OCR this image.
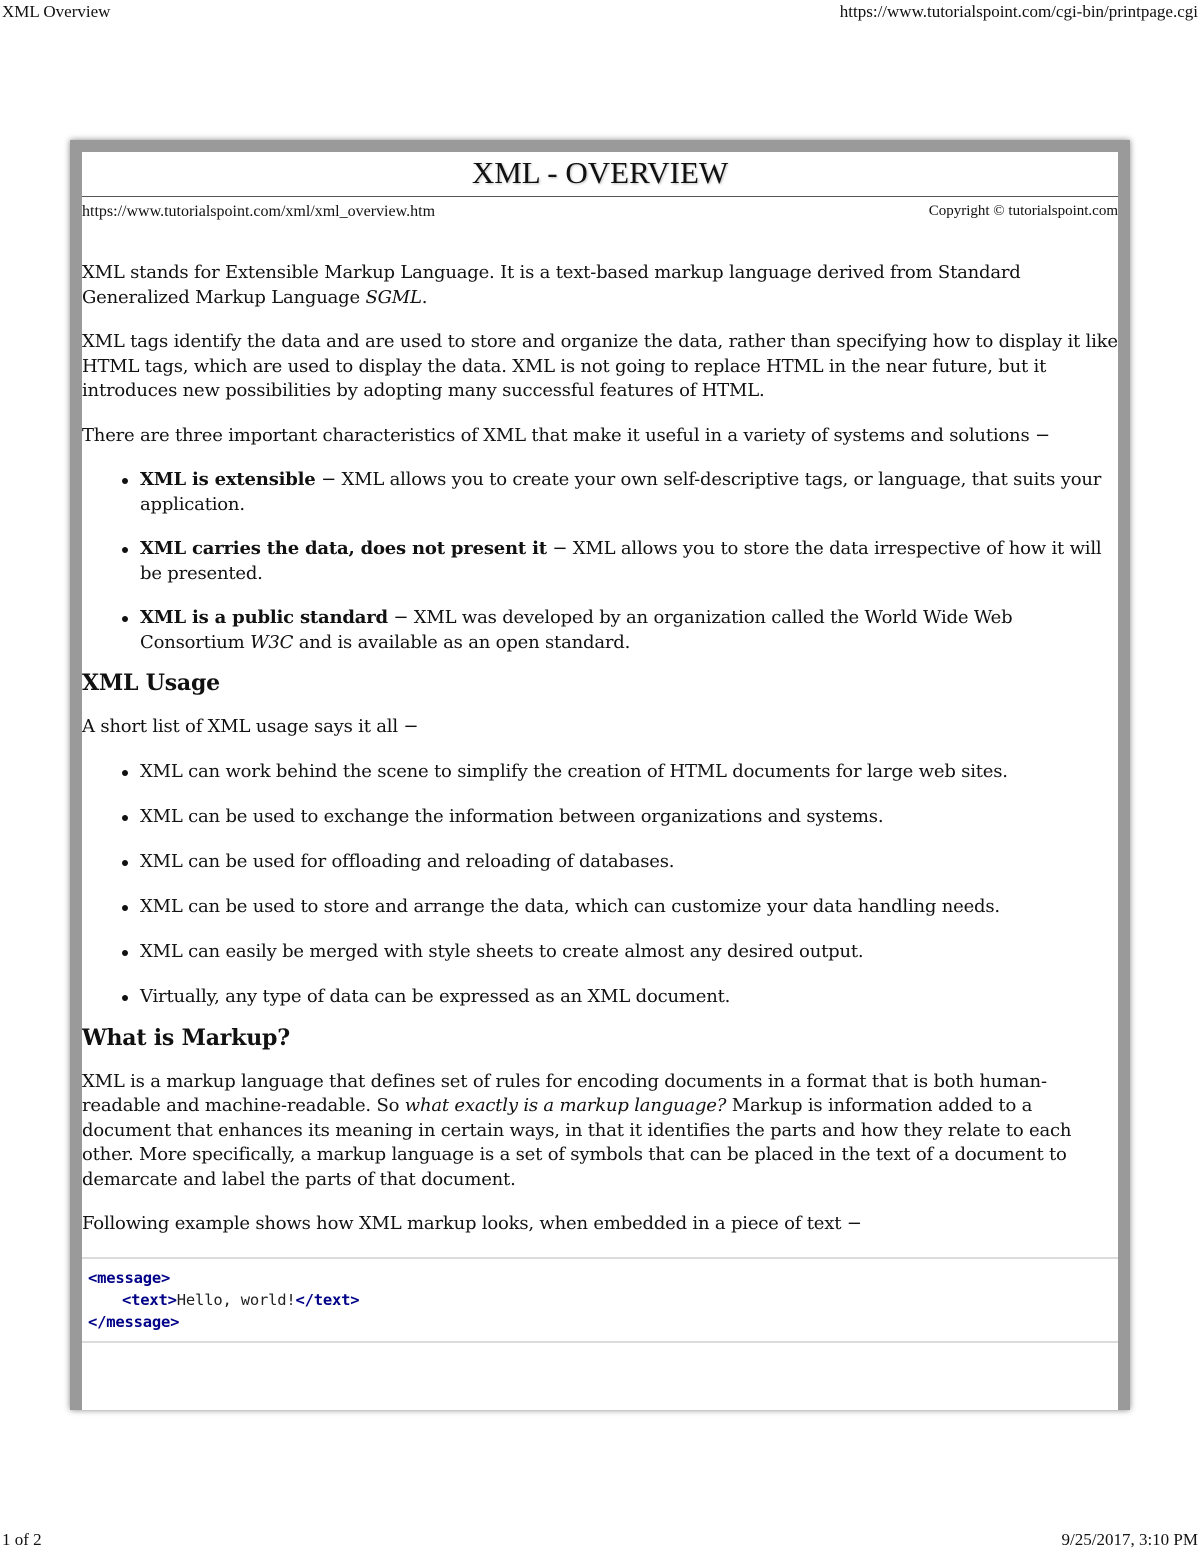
XML Overview	https://www.tutorialspoint.com/cgi-bin/printpage.cgi
XML - OVERVIEW
https://www.tutorialspoint.com/xml/xml_overview.htm	Copyright © tutorialspoint.com

XML stands for Extensible Markup Language. It is a text-based markup language derived from Standard Generalized Markup Language SGML.

XML tags identify the data and are used to store and organize the data, rather than specifying how to display it like HTML tags, which are used to display the data. XML is not going to replace HTML in the near future, but it introduces new possibilities by adopting many successful features of HTML.

There are three important characteristics of XML that make it useful in a variety of systems and solutions −

XML is extensible − XML allows you to create your own self-descriptive tags, or language, that suits your application.
XML carries the data, does not present it − XML allows you to store the data irrespective of how it will be presented.
XML is a public standard − XML was developed by an organization called the World Wide Web Consortium W3C and is available as an open standard.
XML Usage

A short list of XML usage says it all −

XML can work behind the scene to simplify the creation of HTML documents for large web sites.
XML can be used to exchange the information between organizations and systems.
XML can be used for offloading and reloading of databases.
XML can be used to store and arrange the data, which can customize your data handling needs.
XML can easily be merged with style sheets to create almost any desired output.
Virtually, any type of data can be expressed as an XML document.
What is Markup?

XML is a markup language that defines set of rules for encoding documents in a format that is both human-readable and machine-readable. So what exactly is a markup language? Markup is information added to a document that enhances its meaning in certain ways, in that it identifies the parts and how they relate to each other. More specifically, a markup language is a set of symbols that can be placed in the text of a document to demarcate and label the parts of that document.

Following example shows how XML markup looks, when embedded in a piece of text −

<message>
<text>Hello, world!</text>
</message>
1 of 2	9/25/2017, 3:10 PM
